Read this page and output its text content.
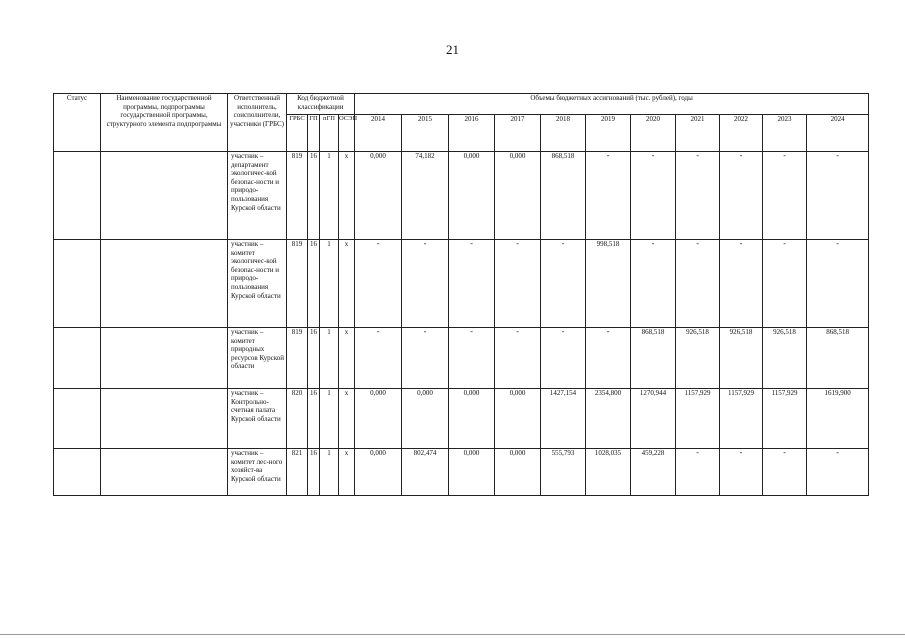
21
Статус	Наименование государственной программы, подпрограммы государственной программы, структурного элемента подпрограммы	Ответственный исполнитель, соисполнители, участники (ГРБС)	Код бюджетной классификации				Объемы бюджетных ассигнований (тыс. рублей), годы										
			ГРБС	ГП	пГП	ОСЭП	2014	2015	2016	2017	2018	2019	2020	2021	2022	2023	2024
		участник – департамент экологичес-кой безопас-ности и природо-пользования Курской области	819	16	1	х	0,000	74,182	0,000	0,000	868,518	-	-	-	-	-	-
		участник – комитет экологичес-кой безопас-ности и природо-пользования Курской области	819	16	1	х	-	-	-	-	-	998,518	-	-	-	-	-
		участник – комитет природных ресурсов Курской области	819	16	1	х	-	-	-	-	-	-	868,518	926,518	926,518	926,518	868,518
		участник – Контрольно-счетная палата Курской области	820	16	1	х	0,000	0,000	0,000	0,000	1427,154	2354,800	1270,944	1157,929	1157,929	1157,929	1619,900
		участник – комитет лес-ного хозяйст-ва Курской области	821	16	1	х	0,000	802,474	0,000	0,000	555,793	1028,035	459,228	-	-	-	-
